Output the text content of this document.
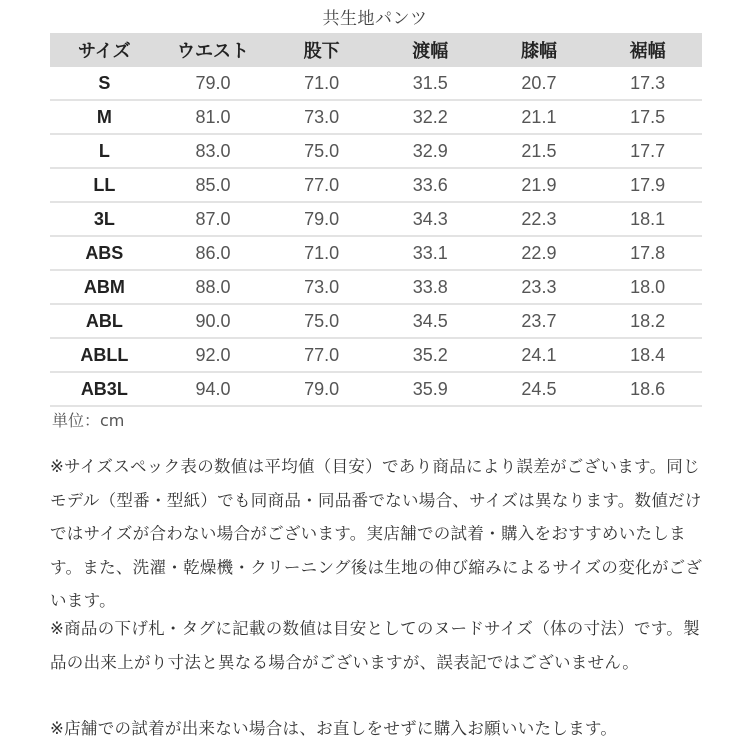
共生地パンツ
サイズ	ウエスト	股下	渡幅	膝幅	裾幅
S	79.0	71.0	31.5	20.7	17.3
M	81.0	73.0	32.2	21.1	17.5
L	83.0	75.0	32.9	21.5	17.7
LL	85.0	77.0	33.6	21.9	17.9
3L	87.0	79.0	34.3	22.3	18.1
ABS	86.0	71.0	33.1	22.9	17.8
ABM	88.0	73.0	33.8	23.3	18.0
ABL	90.0	75.0	34.5	23.7	18.2
ABLL	92.0	77.0	35.2	24.1	18.4
AB3L	94.0	79.0	35.9	24.5	18.6
単位：cm
※サイズスペック表の数値は平均値（目安）であり商品により誤差がございます。同じモデル（型番・型紙）でも同商品・同品番でない場合、サイズは異なります。数値だけではサイズが合わない場合がございます。実店舗での試着・購入をおすすめいたします。また、洗濯・乾燥機・クリーニング後は生地の伸び縮みによるサイズの変化がございます。
※商品の下げ札・タグに記載の数値は目安としてのヌードサイズ（体の寸法）です。製品の出来上がり寸法と異なる場合がございますが、誤表記ではございません。
※店舗での試着が出来ない場合は、お直しをせずに購入お願いいたします。
